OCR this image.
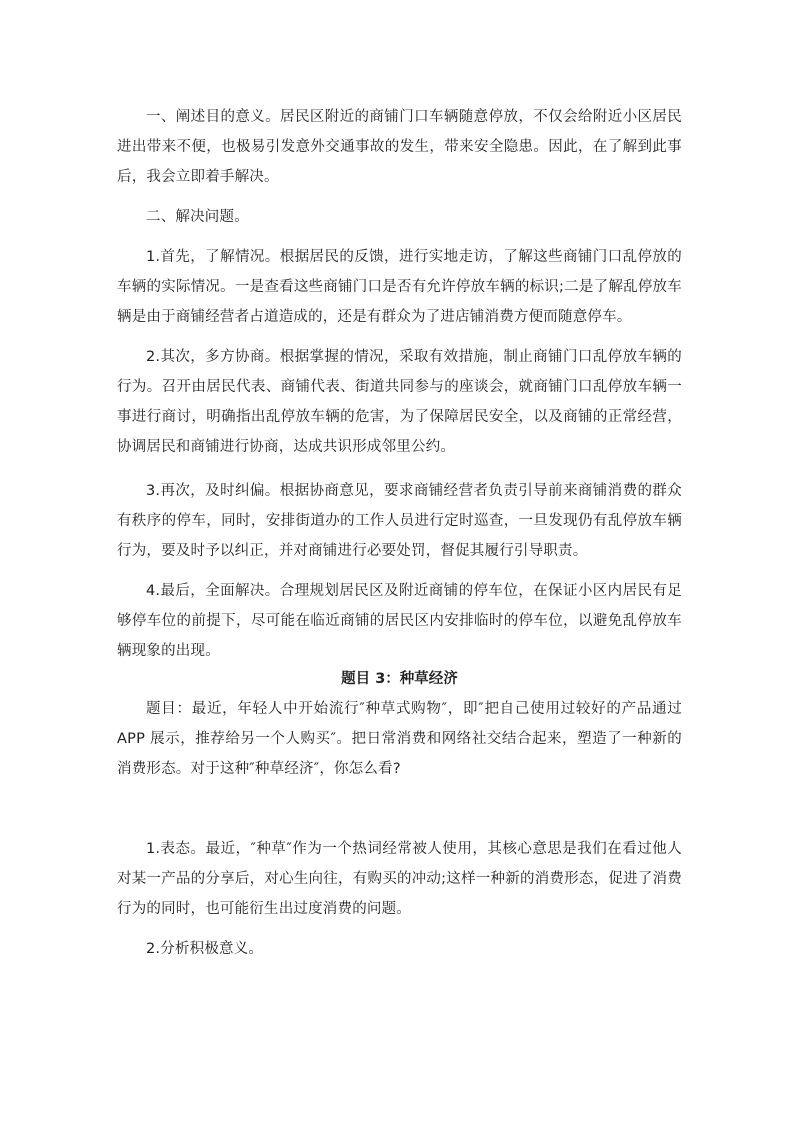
一、阐述目的意义。居民区附近的商铺门口车辆随意停放，不仅会给附近小区居民进出带来不便，也极易引发意外交通事故的发生，带来安全隐患。因此，在了解到此事后，我会立即着手解决。

二、解决问题。

1.首先，了解情况。根据居民的反馈，进行实地走访，了解这些商铺门口乱停放的车辆的实际情况。一是查看这些商铺门口是否有允许停放车辆的标识;二是了解乱停放车辆是由于商铺经营者占道造成的，还是有群众为了进店铺消费方便而随意停车。

2.其次，多方协商。根据掌握的情况，采取有效措施，制止商铺门口乱停放车辆的行为。召开由居民代表、商铺代表、街道共同参与的座谈会，就商铺门口乱停放车辆一事进行商讨，明确指出乱停放车辆的危害，为了保障居民安全，以及商铺的正常经营，协调居民和商铺进行协商，达成共识形成邻里公约。

3.再次，及时纠偏。根据协商意见，要求商铺经营者负责引导前来商铺消费的群众有秩序的停车，同时，安排街道办的工作人员进行定时巡查，一旦发现仍有乱停放车辆行为，要及时予以纠正，并对商铺进行必要处罚，督促其履行引导职责。

4.最后，全面解决。合理规划居民区及附近商铺的停车位，在保证小区内居民有足够停车位的前提下，尽可能在临近商铺的居民区内安排临时的停车位，以避免乱停放车辆现象的出现。

题目 3：种草经济

题目：最近，年轻人中开始流行″种草式购物″，即″把自己使用过较好的产品通过 APP 展示，推荐给另一个人购买″。把日常消费和网络社交结合起来，塑造了一种新的消费形态。对于这种″种草经济″，你怎么看?

1.表态。最近，″种草″作为一个热词经常被人使用，其核心意思是我们在看过他人对某一产品的分享后，对心生向往，有购买的冲动;这样一种新的消费形态，促进了消费行为的同时，也可能衍生出过度消费的问题。

2.分析积极意义。
